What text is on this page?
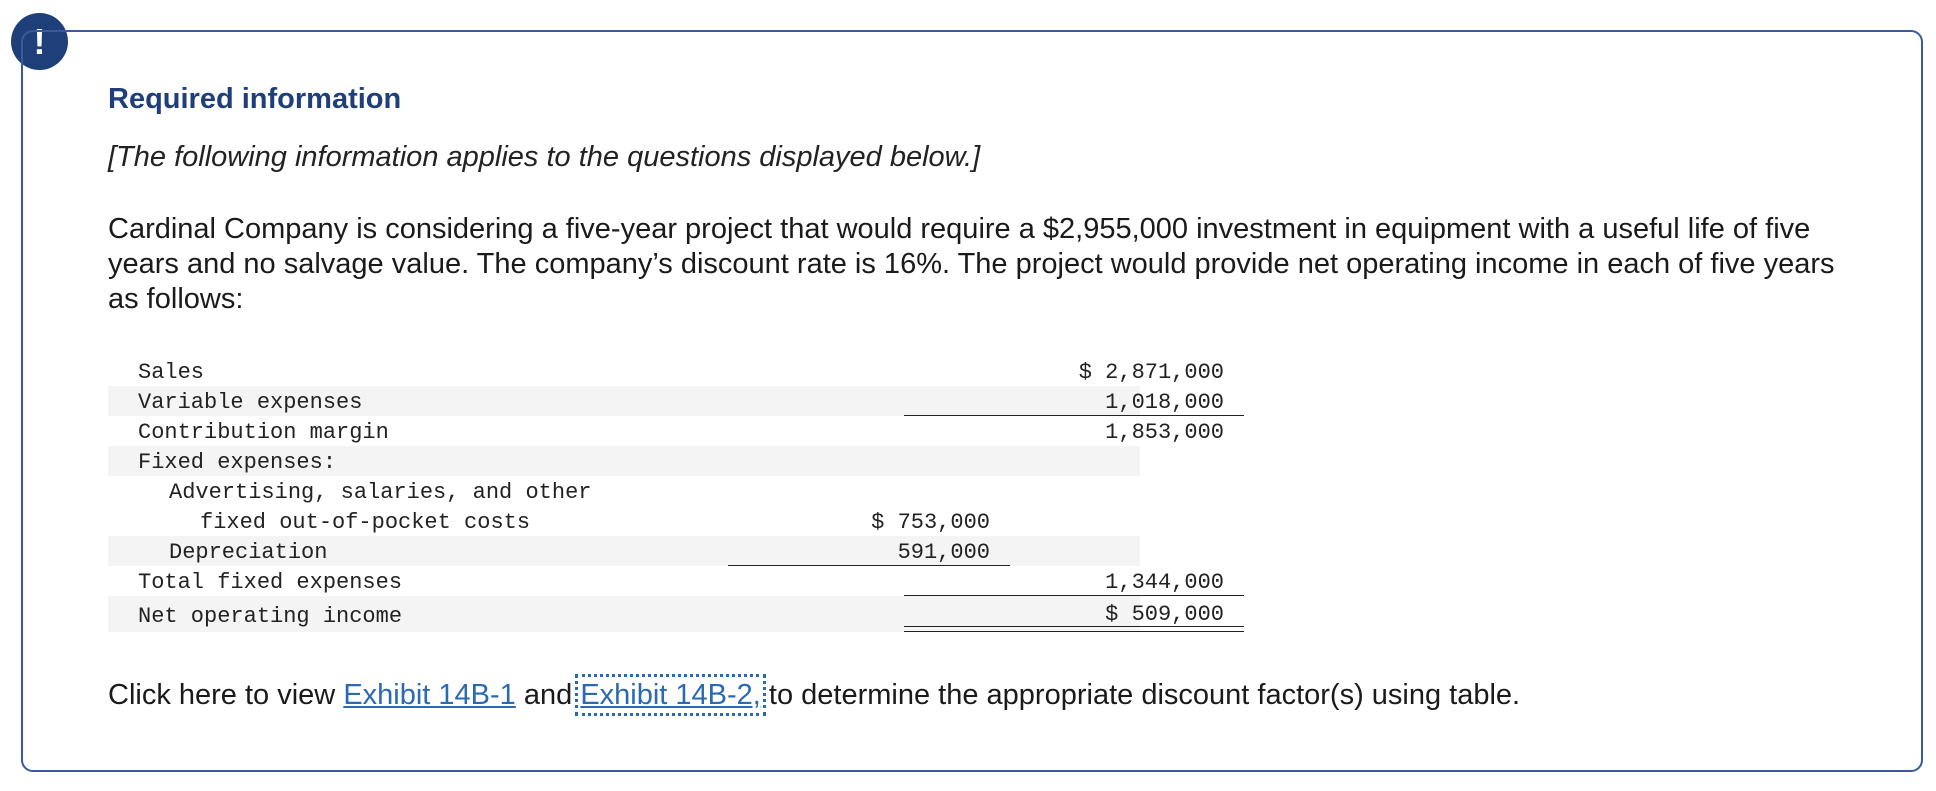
!
Required information
[The following information applies to the questions displayed below.]
Cardinal Company is considering a five-year project that would require a $2,955,000 investment in equipment with a useful life of five years and no salvage value. The company’s discount rate is 16%. The project would provide net operating income in each of five years as follows:
Sales	$ 2,871,000
Variable expenses	1,018,000
Contribution margin	1,853,000
Fixed expenses:
Advertising, salaries, and other
fixed out-of-pocket costs	$ 753,000
Depreciation	591,000
Total fixed expenses	1,344,000
Net operating income	$ 509,000
Click here to view Exhibit 14B-1 and Exhibit 14B-2, to determine the appropriate discount factor(s) using table.
